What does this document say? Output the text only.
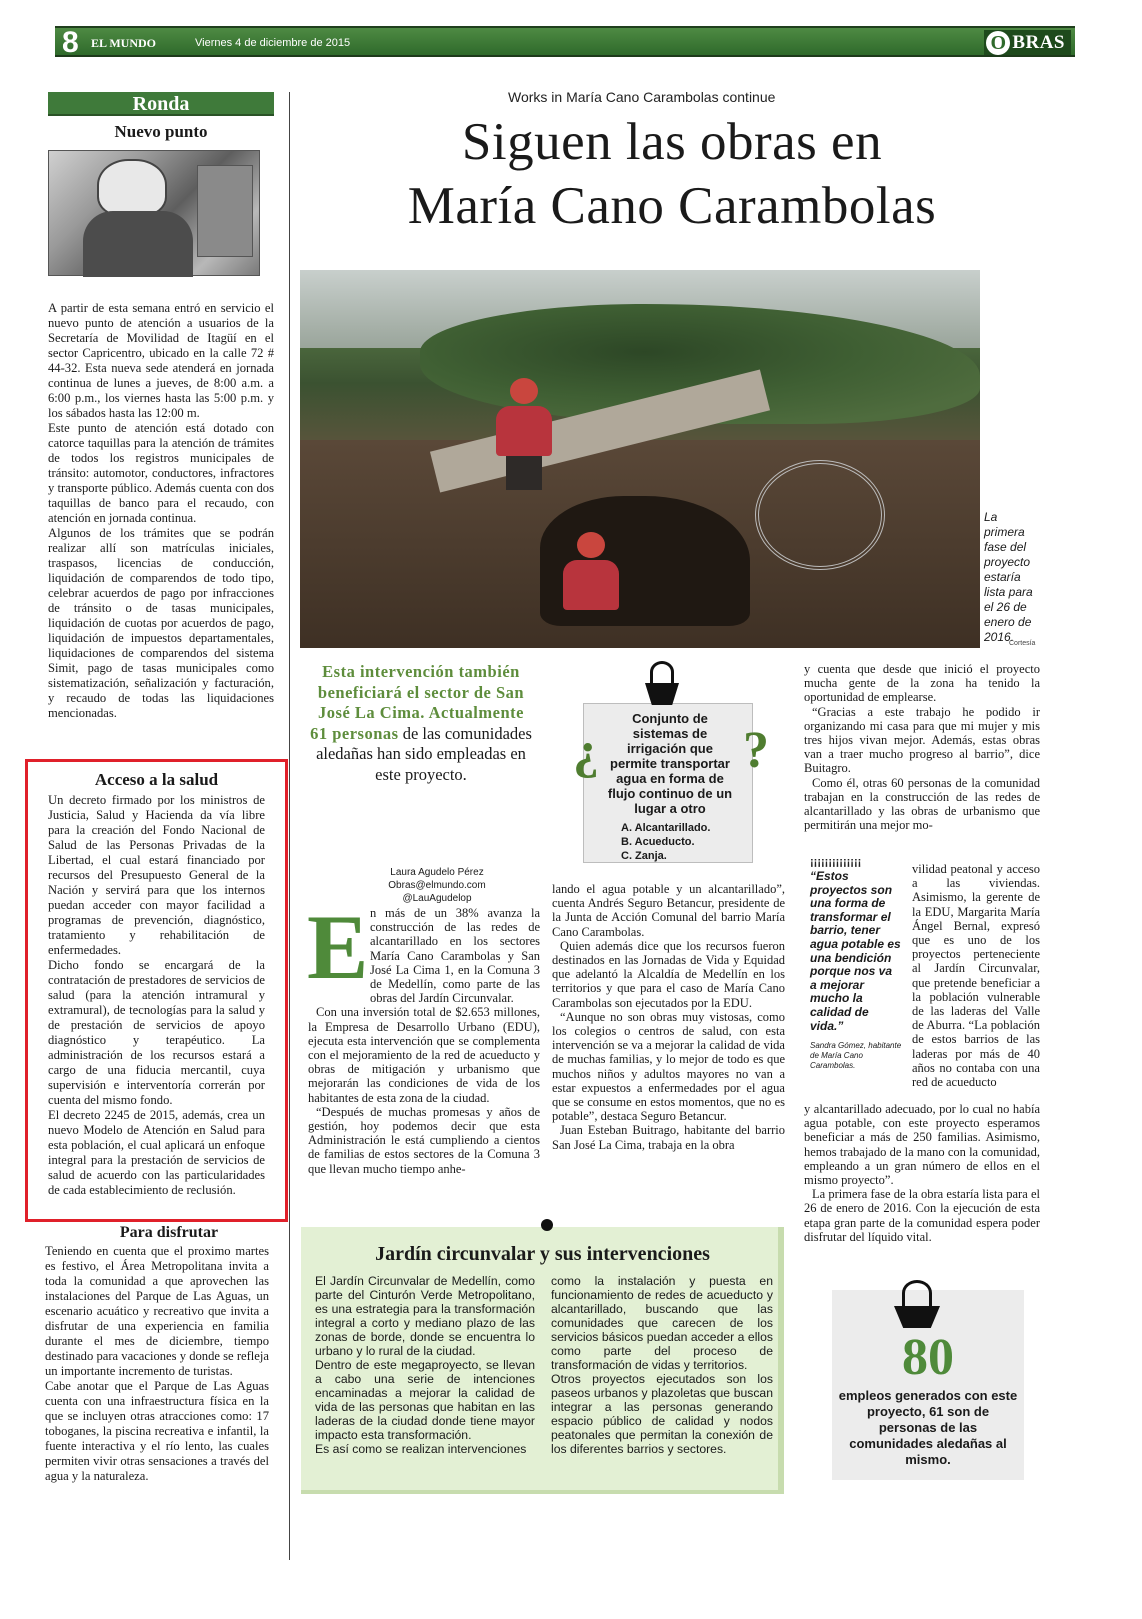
8 EL MUNDO	Viernes 4 de diciembre de 2015	O BRAS
Ronda
Nuevo punto

A partir de esta semana entró en servicio el nuevo punto de atención a usuarios de la Secretaría de Movilidad de Itagüí en el sector Capricentro, ubicado en la calle 72 # 44-32. Esta nueva sede atenderá en jornada continua de lunes a jueves, de 8:00 a.m. a 6:00 p.m., los viernes hasta las 5:00 p.m. y los sábados hasta las 12:00 m.

Este punto de atención está dotado con catorce taquillas para la atención de trámites de todos los registros municipales de tránsito: automotor, conductores, infractores y transporte público. Además cuenta con dos taquillas de banco para el recaudo, con atención en jornada continua.

Algunos de los trámites que se podrán realizar allí son matrículas iniciales, traspasos, licencias de conducción, liquidación de comparendos de todo tipo, celebrar acuerdos de pago por infracciones de tránsito o de tasas municipales, liquidación de cuotas por acuerdos de pago, liquidación de impuestos departamentales, liquidaciones de comparendos del sistema Simit, pago de tasas municipales como sistematización, señalización y facturación, y recaudo de todas las liquidaciones mencionadas.

Acceso a la salud

Un decreto firmado por los ministros de Justicia, Salud y Hacienda da vía libre para la creación del Fondo Nacional de Salud de las Personas Privadas de la Libertad, el cual estará financiado por recursos del Presupuesto General de la Nación y servirá para que los internos puedan acceder con mayor facilidad a programas de prevención, diagnóstico, tratamiento y rehabilitación de enfermedades.

Dicho fondo se encargará de la contratación de prestadores de servicios de salud (para la atención intramural y extramural), de tecnologías para la salud y de prestación de servicios de apoyo diagnóstico y terapéutico. La administración de los recursos estará a cargo de una fiducia mercantil, cuya supervisión e interventoría correrán por cuenta del mismo fondo.

El decreto 2245 de 2015, además, crea un nuevo Modelo de Atención en Salud para esta población, el cual aplicará un enfoque integral para la prestación de servicios de salud de acuerdo con las particularidades de cada establecimiento de reclusión.

Para disfrutar

Teniendo en cuenta que el proximo martes es festivo, el Área Metropolitana invita a toda la comunidad a que aprovechen las instalaciones del Parque de Las Aguas, un escenario acuático y recreativo que invita a disfrutar de una experiencia en familia durante el mes de diciembre, tiempo destinado para vacaciones y donde se refleja un importante incremento de turistas.

Cabe anotar que el Parque de Las Aguas cuenta con una infraestructura física en la que se incluyen otras atracciones como: 17 toboganes, la piscina recreativa e infantil, la fuente interactiva y el río lento, las cuales permiten vivir otras sensaciones a través del agua y la naturaleza.

Works in María Cano Carambolas continue
Siguen las obras en
María Cano Carambolas
La primera fase del proyecto estaría lista para el 26 de enero de 2016.
Cortesía
Esta intervención también beneficiará el sector de San José La Cima. Actualmente 61 personas de las comunidades aledañas han sido empleadas en este proyecto.	¿	?
Conjunto de sistemas de irrigación que permite transportar agua en forma de flujo continuo de un lugar a otro
A. Alcantarillado.
B. Acueducto.
C. Zanja.
Laura Agudelo Pérez
Obras@elmundo.com
@LauAgudelop
E n más de un 38% avanza la construcción de las redes de alcantarillado en los sectores María Cano Carambolas y San José La Cima 1, en la Comuna 3 de Medellín, como parte de las obras del Jardín Circunvalar.

Con una inversión total de $2.653 millones, la Empresa de Desarrollo Urbano (EDU), ejecuta esta intervención que se complementa con el mejoramiento de la red de acueducto y obras de mitigación y urbanismo que mejorarán las condiciones de vida de los habitantes de esta zona de la ciudad.

“Después de muchas promesas y años de gestión, hoy podemos decir que esta Administración le está cumpliendo a cientos de familias de estos sectores de la Comuna 3 que llevan mucho tiempo anhe-

lando el agua potable y un alcantarillado”, cuenta Andrés Seguro Betancur, presidente de la Junta de Acción Comunal del barrio María Cano Carambolas.

Quien además dice que los recursos fueron destinados en las Jornadas de Vida y Equidad que adelantó la Alcaldía de Medellín en los territorios y que para el caso de María Cano Carambolas son ejecutados por la EDU.

“Aunque no son obras muy vistosas, como los colegios o centros de salud, con esta intervención se va a mejorar la calidad de vida de muchas familias, y lo mejor de todo es que muchos niños y adultos mayores no van a estar expuestos a enfermedades por el agua que se consume en estos momentos, que no es potable”, destaca Seguro Betancur.

Juan Esteban Buitrago, habitante del barrio San José La Cima, trabaja en la obra

y cuenta que desde que inició el proyecto mucha gente de la zona ha tenido la oportunidad de emplearse.

“Gracias a este trabajo he podido ir organizando mi casa para que mi mujer y mis tres hijos vivan mejor. Además, estas obras van a traer mucho progreso al barrio”, dice Buitagro.

Como él, otras 60 personas de la comunidad trabajan en la construcción de las redes de alcantarillado y las obras de urbanismo que permitirán una mejor mo-

¡¡¡¡¡¡¡¡¡¡¡¡¡¡
“Estos proyectos son una forma de transformar el barrio, tener agua potable es una bendición porque nos va a mejorar mucho la calidad de vida.”
Sandra Gómez, habitante de María Cano Carambolas.

vilidad peatonal y acceso a las viviendas. Asimismo, la gerente de la EDU, Margarita María Ángel Bernal, expresó que es uno de los proyectos perteneciente al Jardín Circunvalar, que pretende beneficiar a la población vulnerable de las laderas del Valle de Aburra. “La población de estos barrios de las laderas por más de 40 años no contaba con una red de acueducto

y alcantarillado adecuado, por lo cual no había agua potable, con este proyecto esperamos beneficiar a más de 250 familias. Asimismo, hemos trabajado de la mano con la comunidad, empleando a un gran número de ellos en el mismo proyecto”.

La primera fase de la obra estaría lista para el 26 de enero de 2016. Con la ejecución de esta etapa gran parte de la comunidad espera poder disfrutar del líquido vital.

Jardín circunvalar y sus intervenciones

El Jardín Circunvalar de Medellín, como parte del Cinturón Verde Metropolitano, es una estrategia para la transformación integral a corto y mediano plazo de las zonas de borde, donde se encuentra lo urbano y lo rural de la ciudad.

Dentro de este megaproyecto, se llevan a cabo una serie de intenciones encaminadas a mejorar la calidad de vida de las personas que habitan en las laderas de la ciudad donde tiene mayor impacto esta transformación.

Es así como se realizan intervenciones

como la instalación y puesta en funcionamiento de redes de acueducto y alcantarillado, buscando que las comunidades que carecen de los servicios básicos puedan acceder a ellos como parte del proceso de transformación de vidas y territorios.

Otros proyectos ejecutados son los paseos urbanos y plazoletas que buscan integrar a las personas generando espacio público de calidad y nodos peatonales que permitan la conexión de los diferentes barrios y sectores.

80
empleos generados con este proyecto, 61 son de personas de las comunidades aledañas al mismo.
